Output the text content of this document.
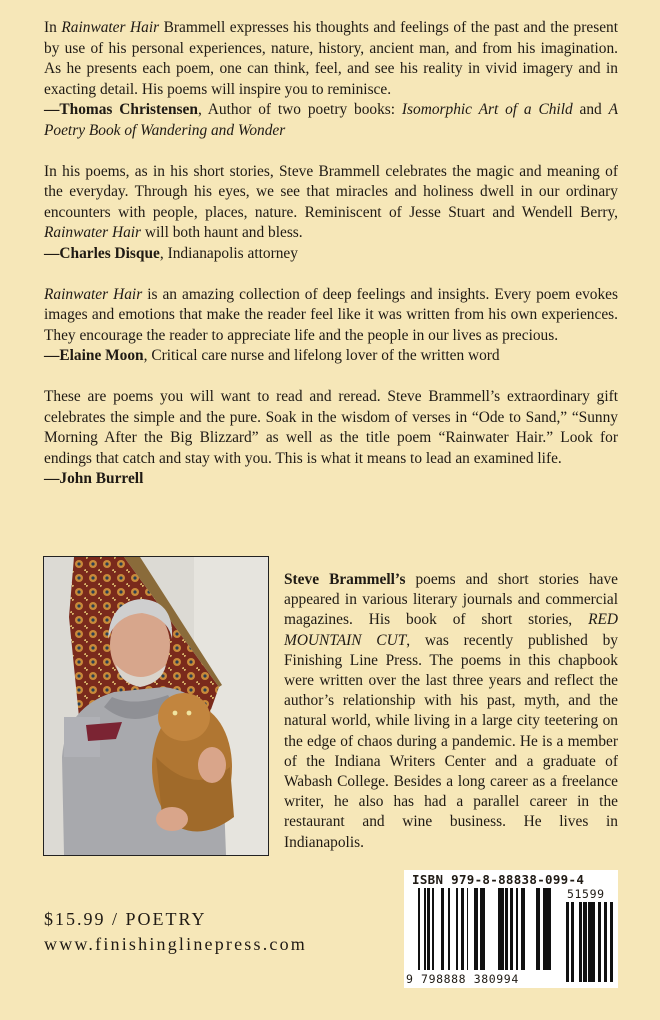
In Rainwater Hair Brammell expresses his thoughts and feelings of the past and the present by use of his personal experiences, nature, history, ancient man, and from his imagination. As he presents each poem, one can think, feel, and see his reality in vivid imagery and in exacting detail. His poems will inspire you to reminisce.

—Thomas Christensen, Author of two poetry books: Isomorphic Art of a Child and A Poetry Book of Wandering and Wonder

In his poems, as in his short stories, Steve Brammell celebrates the magic and meaning of the everyday. Through his eyes, we see that miracles and holiness dwell in our ordinary encounters with people, places, nature. Reminiscent of Jesse Stuart and Wendell Berry, Rainwater Hair will both haunt and bless.

—Charles Disque, Indianapolis attorney

Rainwater Hair is an amazing collection of deep feelings and insights. Every poem evokes images and emotions that make the reader feel like it was written from his own experiences. They encourage the reader to appreciate life and the people in our lives as precious.

—Elaine Moon, Critical care nurse and lifelong lover of the written word

These are poems you will want to read and reread. Steve Brammell’s extraordinary gift celebrates the simple and the pure. Soak in the wisdom of verses in “Ode to Sand,” “Sunny Morning After the Big Blizzard” as well as the title poem “Rainwater Hair.” Look for endings that catch and stay with you. This is what it means to lead an examined life.

—John Burrell

Steve Brammell’s poems and short stories have appeared in various literary journals and commercial magazines. His book of short stories, RED MOUNTAIN CUT, was recently published by Finishing Line Press. The poems in this chapbook were written over the last three years and reflect the author’s relationship with his past, myth, and the natural world, while living in a large city teetering on the edge of chaos during a pandemic. He is a member of the Indiana Writers Center and a graduate of Wabash College. Besides a long career as a freelance writer, he also has had a parallel career in the restaurant and wine business. He lives in Indianapolis.

$15.99 / POETRY
www.finishinglinepress.com
ISBN 979-8-88838-099-4
9 798888 380994
51599
